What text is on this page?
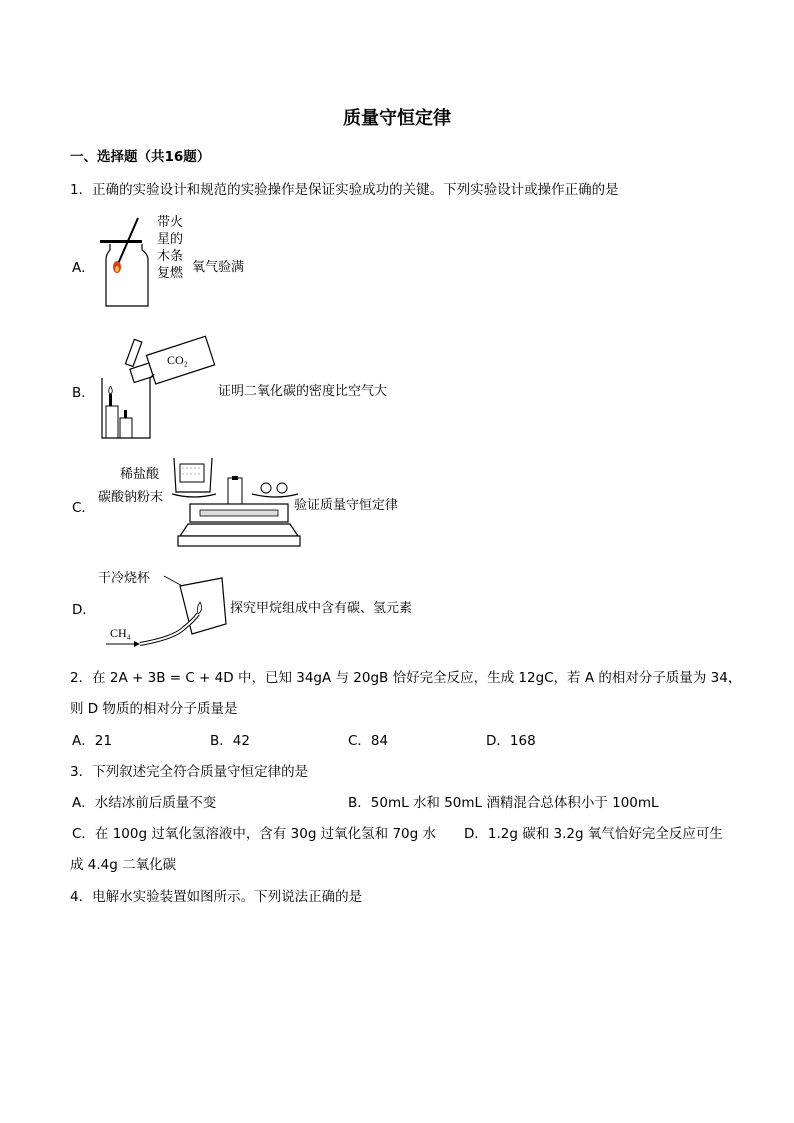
质量守恒定律
一、选择题（共16题）
1．正确的实验设计和规范的实验操作是保证实验成功的关键。下列实验设计或操作正确的是
A．
带火
星的
木条
复燃 氧气验满
B．
CO₂
证明二氧化碳的密度比空气大
C．
稀盐酸
碳酸钠粉末
验证质量守恒定律
干冷烧杯
D．
CH₄
探究甲烷组成中含有碳、氢元素
2．在 2A + 3B = C + 4D 中，已知 34gA 与 20gB 恰好完全反应，生成 12gC，若 A 的相对分子质量为 34，
则 D 物质的相对分子质量是
A．21	B．42	C．84	D．168
3．下列叙述完全符合质量守恒定律的是
A．水结冰前后质量不变	B．50mL 水和 50mL 酒精混合总体积小于 100mL
C．在 100g 过氧化氢溶液中，含有 30g 过氧化氢和 70g 水 D．1.2g 碳和 3.2g 氧气恰好完全反应可生
成 4.4g 二氧化碳
4．电解水实验装置如图所示。下列说法正确的是
